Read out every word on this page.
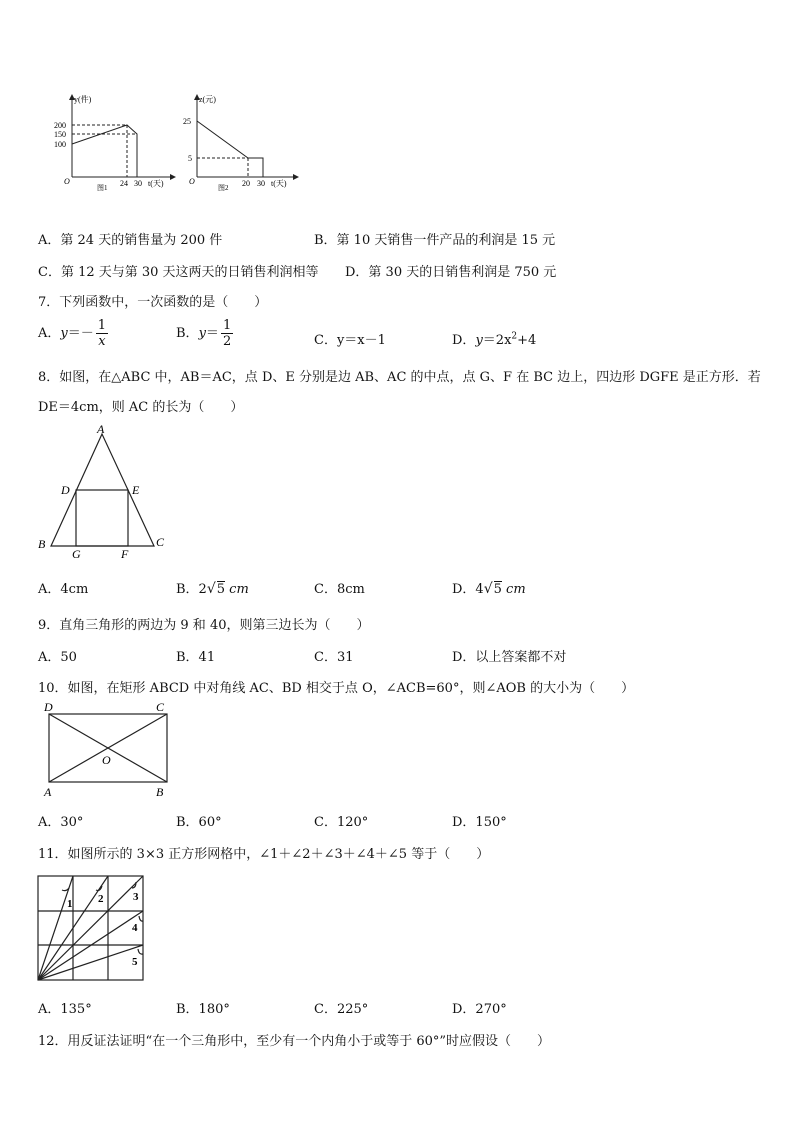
y(件)
200
150
100
O	24 30 t(天)
图1
z(元)
25
5
O	20 30 t(天)
图2
A．第 24 天的销售量为 200 件	B．第 10 天销售一件产品的利润是 15 元
C．第 12 天与第 30 天这两天的日销售利润相等 D．第 30 天的日销售利润是 750 元
7．下列函数中，一次函数的是（　　）
A．$y=- \frac{1}{x}$	B．$y= \frac{1}{2}$	C．y＝x－1	D．$y=2x^2+4$
8．如图，在△ABC 中，AB＝AC，点 D、E 分别是边 AB、AC 的中点，点 G、F 在 BC 边上，四边形 DGFE 是正方形．若
DE＝4cm，则 AC 的长为（　　）
A
D	E
B	C
G	F
A．4cm	B．2√5 cm	C．8cm	D．4√5 cm
9．直角三角形的两边为 9 和 40，则第三边长为（　　）
A．50	B．41	C．31	D．以上答案都不对
10．如图，在矩形 ABCD 中对角线 AC、BD 相交于点 O，∠ACB=60°，则∠AOB 的大小为（　　）
D	C
A	B
O
A．30°	B．60°	C．120°	D．150°
11．如图所示的 3×3 正方形网格中，∠1＋∠2＋∠3＋∠4＋∠5 等于（　　）
1 2	3
4
5
A．135°	B．180°	C．225°	D．270°
12．用反证法证明“在一个三角形中，至少有一个内角小于或等于 60°”时应假设（　　）
